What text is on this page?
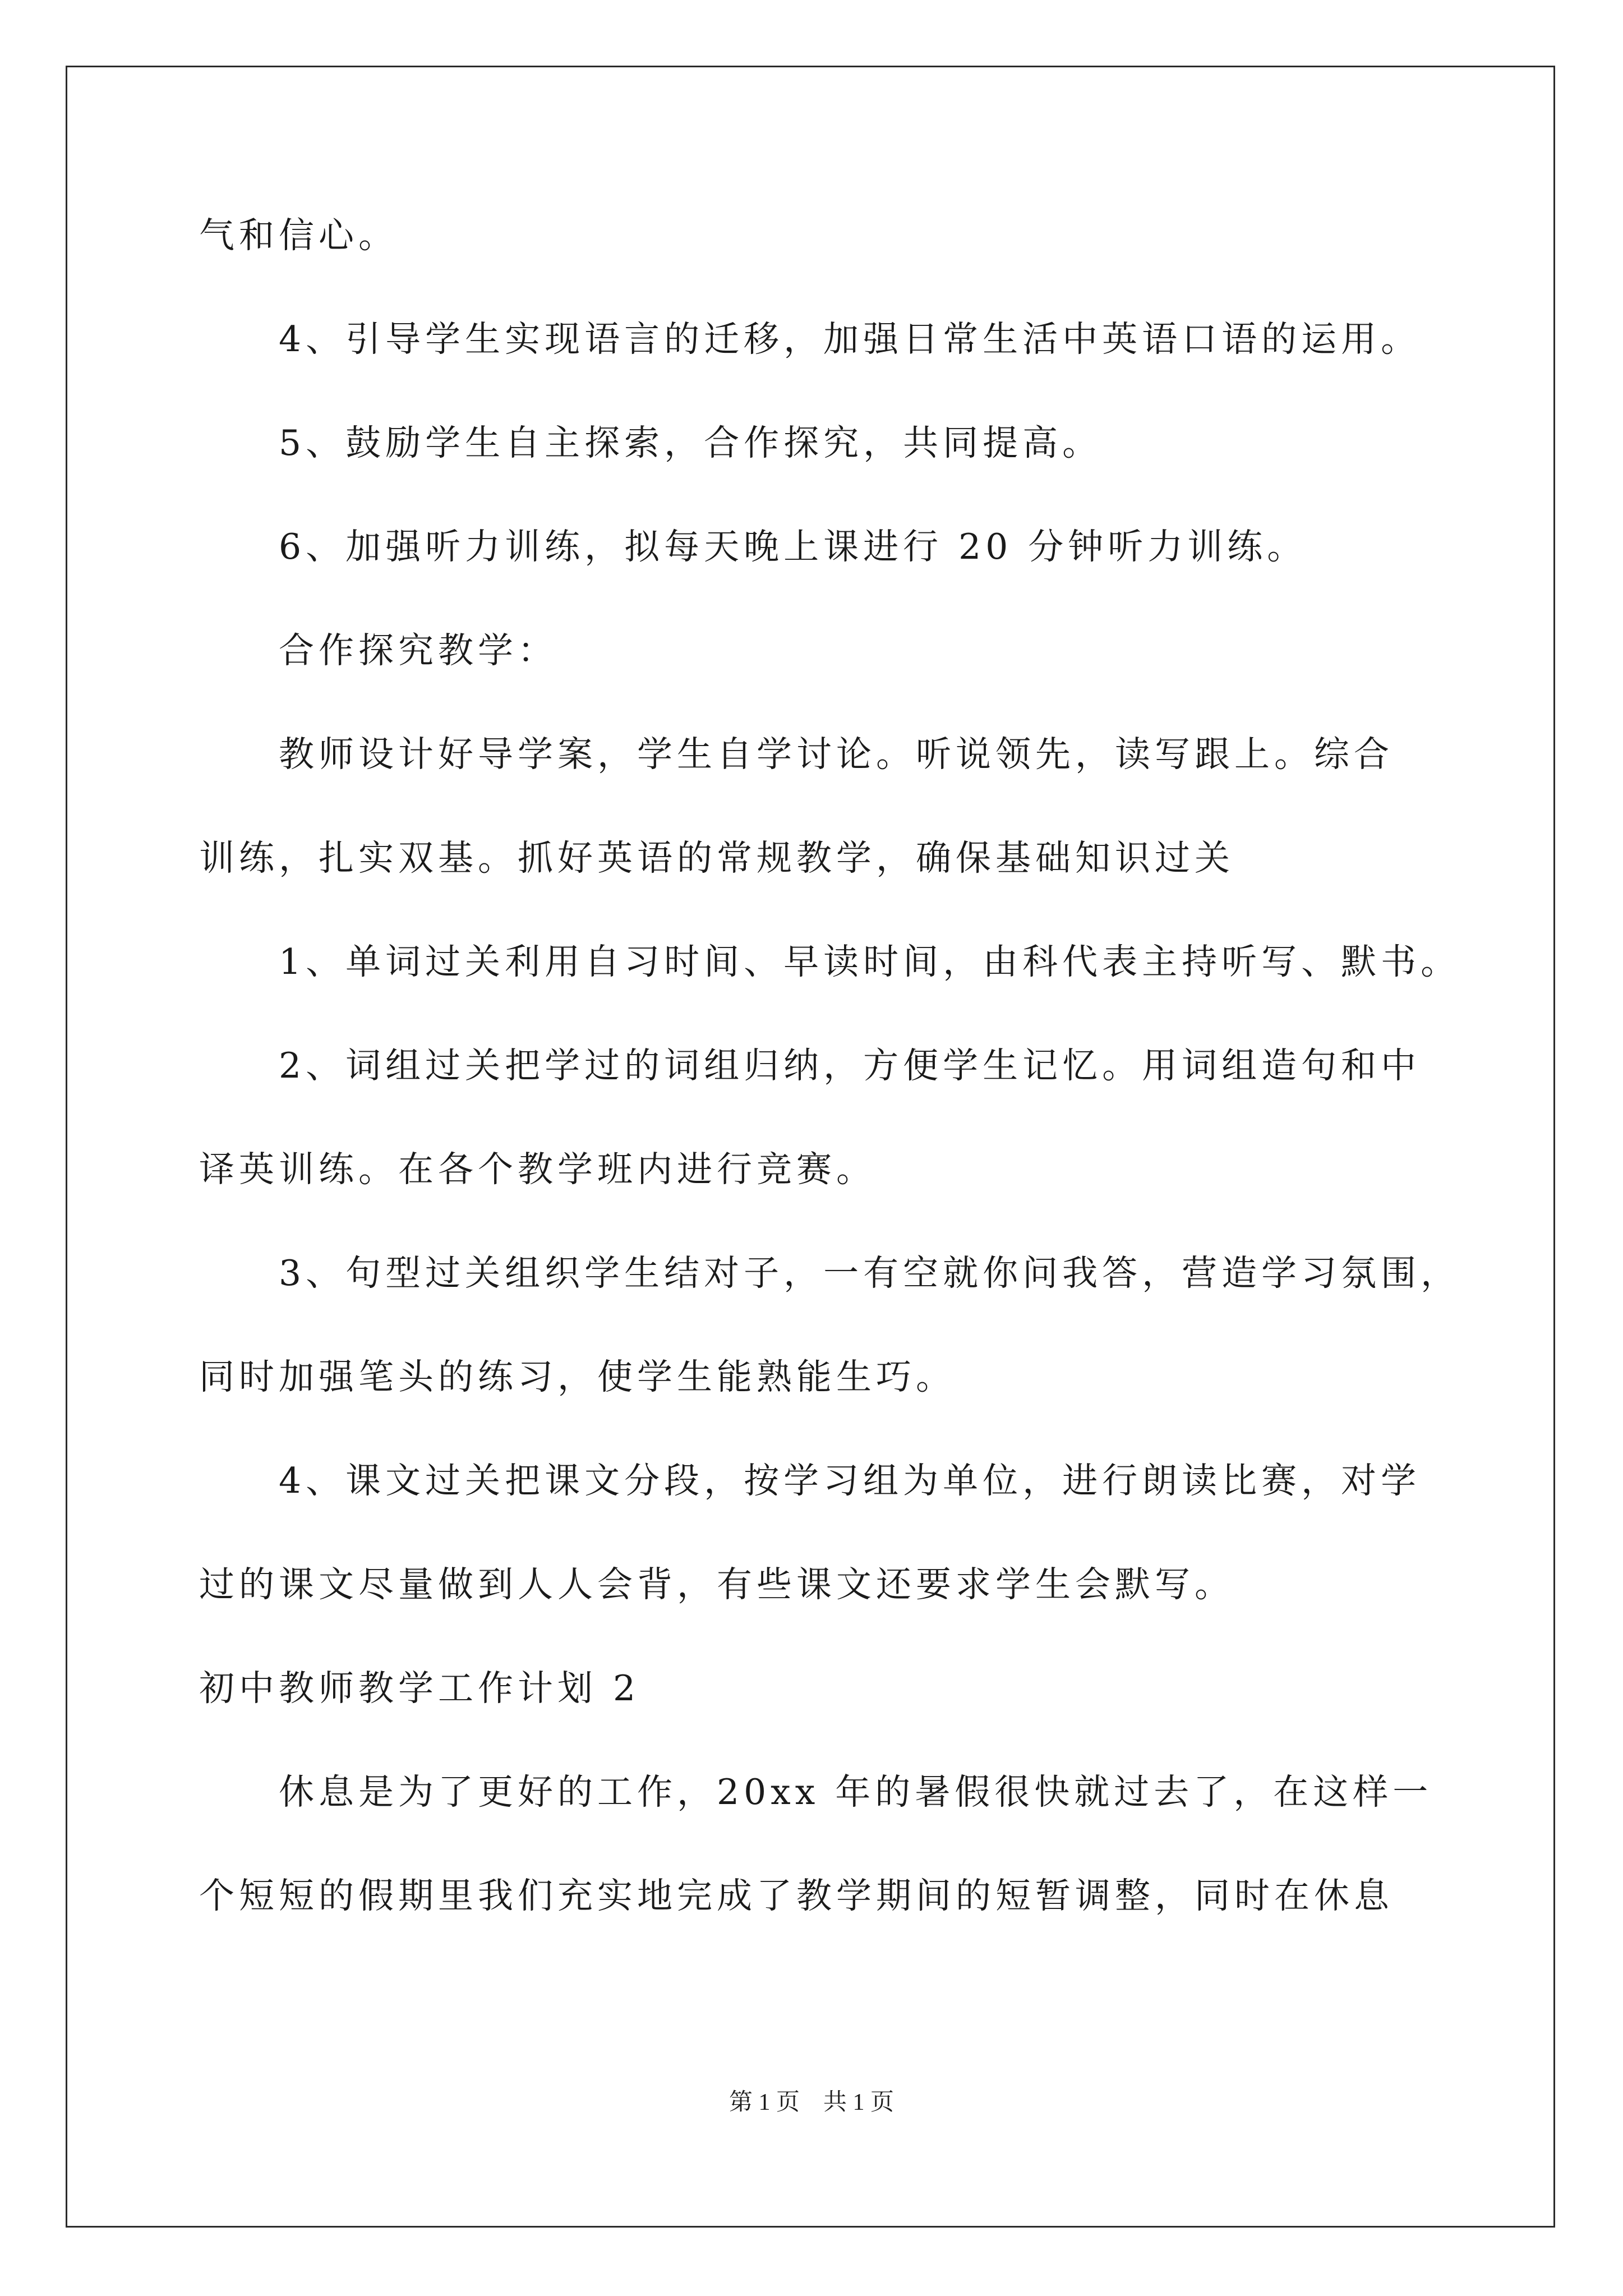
气和信心。
4、引导学生实现语言的迁移，加强日常生活中英语口语的运用。
5、鼓励学生自主探索，合作探究，共同提高。
6、加强听力训练，拟每天晚上课进行 20 分钟听力训练。
合作探究教学：
教师设计好导学案，学生自学讨论。听说领先，读写跟上。综合
训练，扎实双基。抓好英语的常规教学，确保基础知识过关
1、单词过关利用自习时间、早读时间，由科代表主持听写、默书。
2、词组过关把学过的词组归纳，方便学生记忆。用词组造句和中
译英训练。在各个教学班内进行竞赛。
3、句型过关组织学生结对子，一有空就你问我答，营造学习氛围，
同时加强笔头的练习，使学生能熟能生巧。
4、课文过关把课文分段，按学习组为单位，进行朗读比赛，对学
过的课文尽量做到人人会背，有些课文还要求学生会默写。
初中教师教学工作计划 2
休息是为了更好的工作，20xx 年的暑假很快就过去了，在这样一
个短短的假期里我们充实地完成了教学期间的短暂调整，同时在休息
第 1 页    共 1 页
